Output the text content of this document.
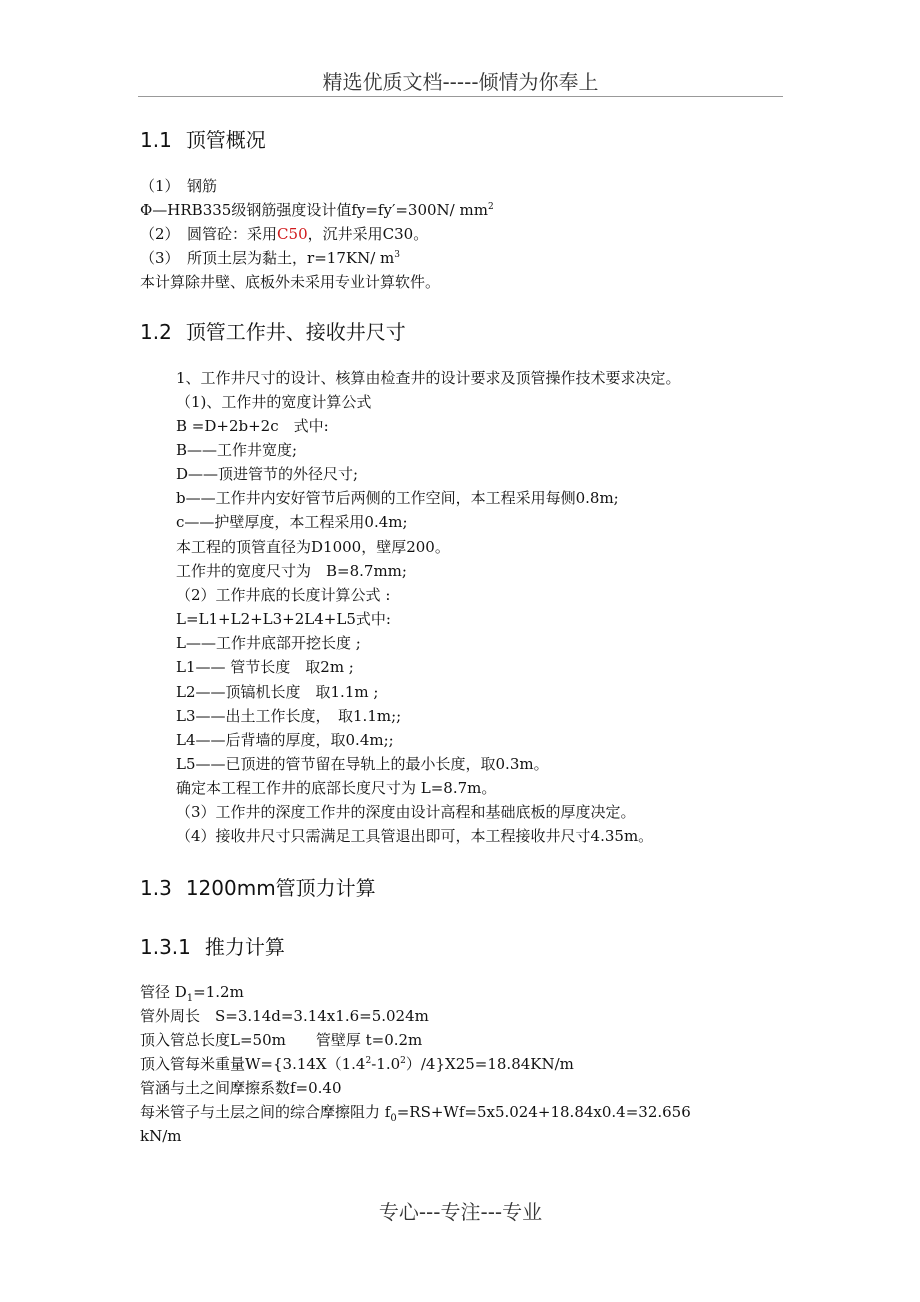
精选优质文档-----倾情为你奉上
1.1 顶管概况
（1）　钢筋
Φ—HRB335级钢筋强度设计值fy=fy′=300N/ $mm^2$
（2）　圆管砼：采用C50，沉井采用C30。
（3）　所顶土层为黏土，r=17KN/ $m^3$
本计算除井壁、底板外未采用专业计算软件。
1.2 顶管工作井、接收井尺寸
1、工作井尺寸的设计、核算由检查井的设计要求及顶管操作技术要求决定。
（1)、工作井的宽度计算公式
B =D+2b+2c　式中:
B——工作井宽度;
D——顶进管节的外径尺寸;
b——工作井内安好管节后两侧的工作空间，本工程采用每侧0.8m;
c——护壁厚度，本工程采用0.4m;
本工程的顶管直径为D1000，壁厚200。
工作井的宽度尺寸为　B=8.7mm;
（2）工作井底的长度计算公式 :
L=L1+L2+L3+2L4+L5式中:
L——工作井底部开挖长度 ;
L1—— 管节长度　取2m ;
L2——顶镐机长度　取1.1m ;
L3——出土工作长度，　取1.1m;;
L4——后背墙的厚度，取0.4m;;
L5——已顶进的管节留在导轨上的最小长度，取0.3m。
确定本工程工作井的底部长度尺寸为 L=8.7m。
（3）工作井的深度工作井的深度由设计高程和基础底板的厚度决定。
（4）接收井尺寸只需满足工具管退出即可，本工程接收井尺寸4.35m。
1.3 1200mm管顶力计算
1.3.1 推力计算
管径 $D_1=1.2m$
管外周长　S=3.14d=3.14x1.6=5.024m
顶入管总长度L=50m　　管壁厚 t=0.2m
顶入管每米重量$W=\{3.14X(1.4^2-1.0^2)/4\}X25=18.84KN/m$
管涵与土之间摩擦系数f=0.40
每米管子与土层之间的综合摩擦阻力 $f_0=RS+Wf=5x5.024+18.84x0.4=32.656$
kN/m
专心---专注---专业
